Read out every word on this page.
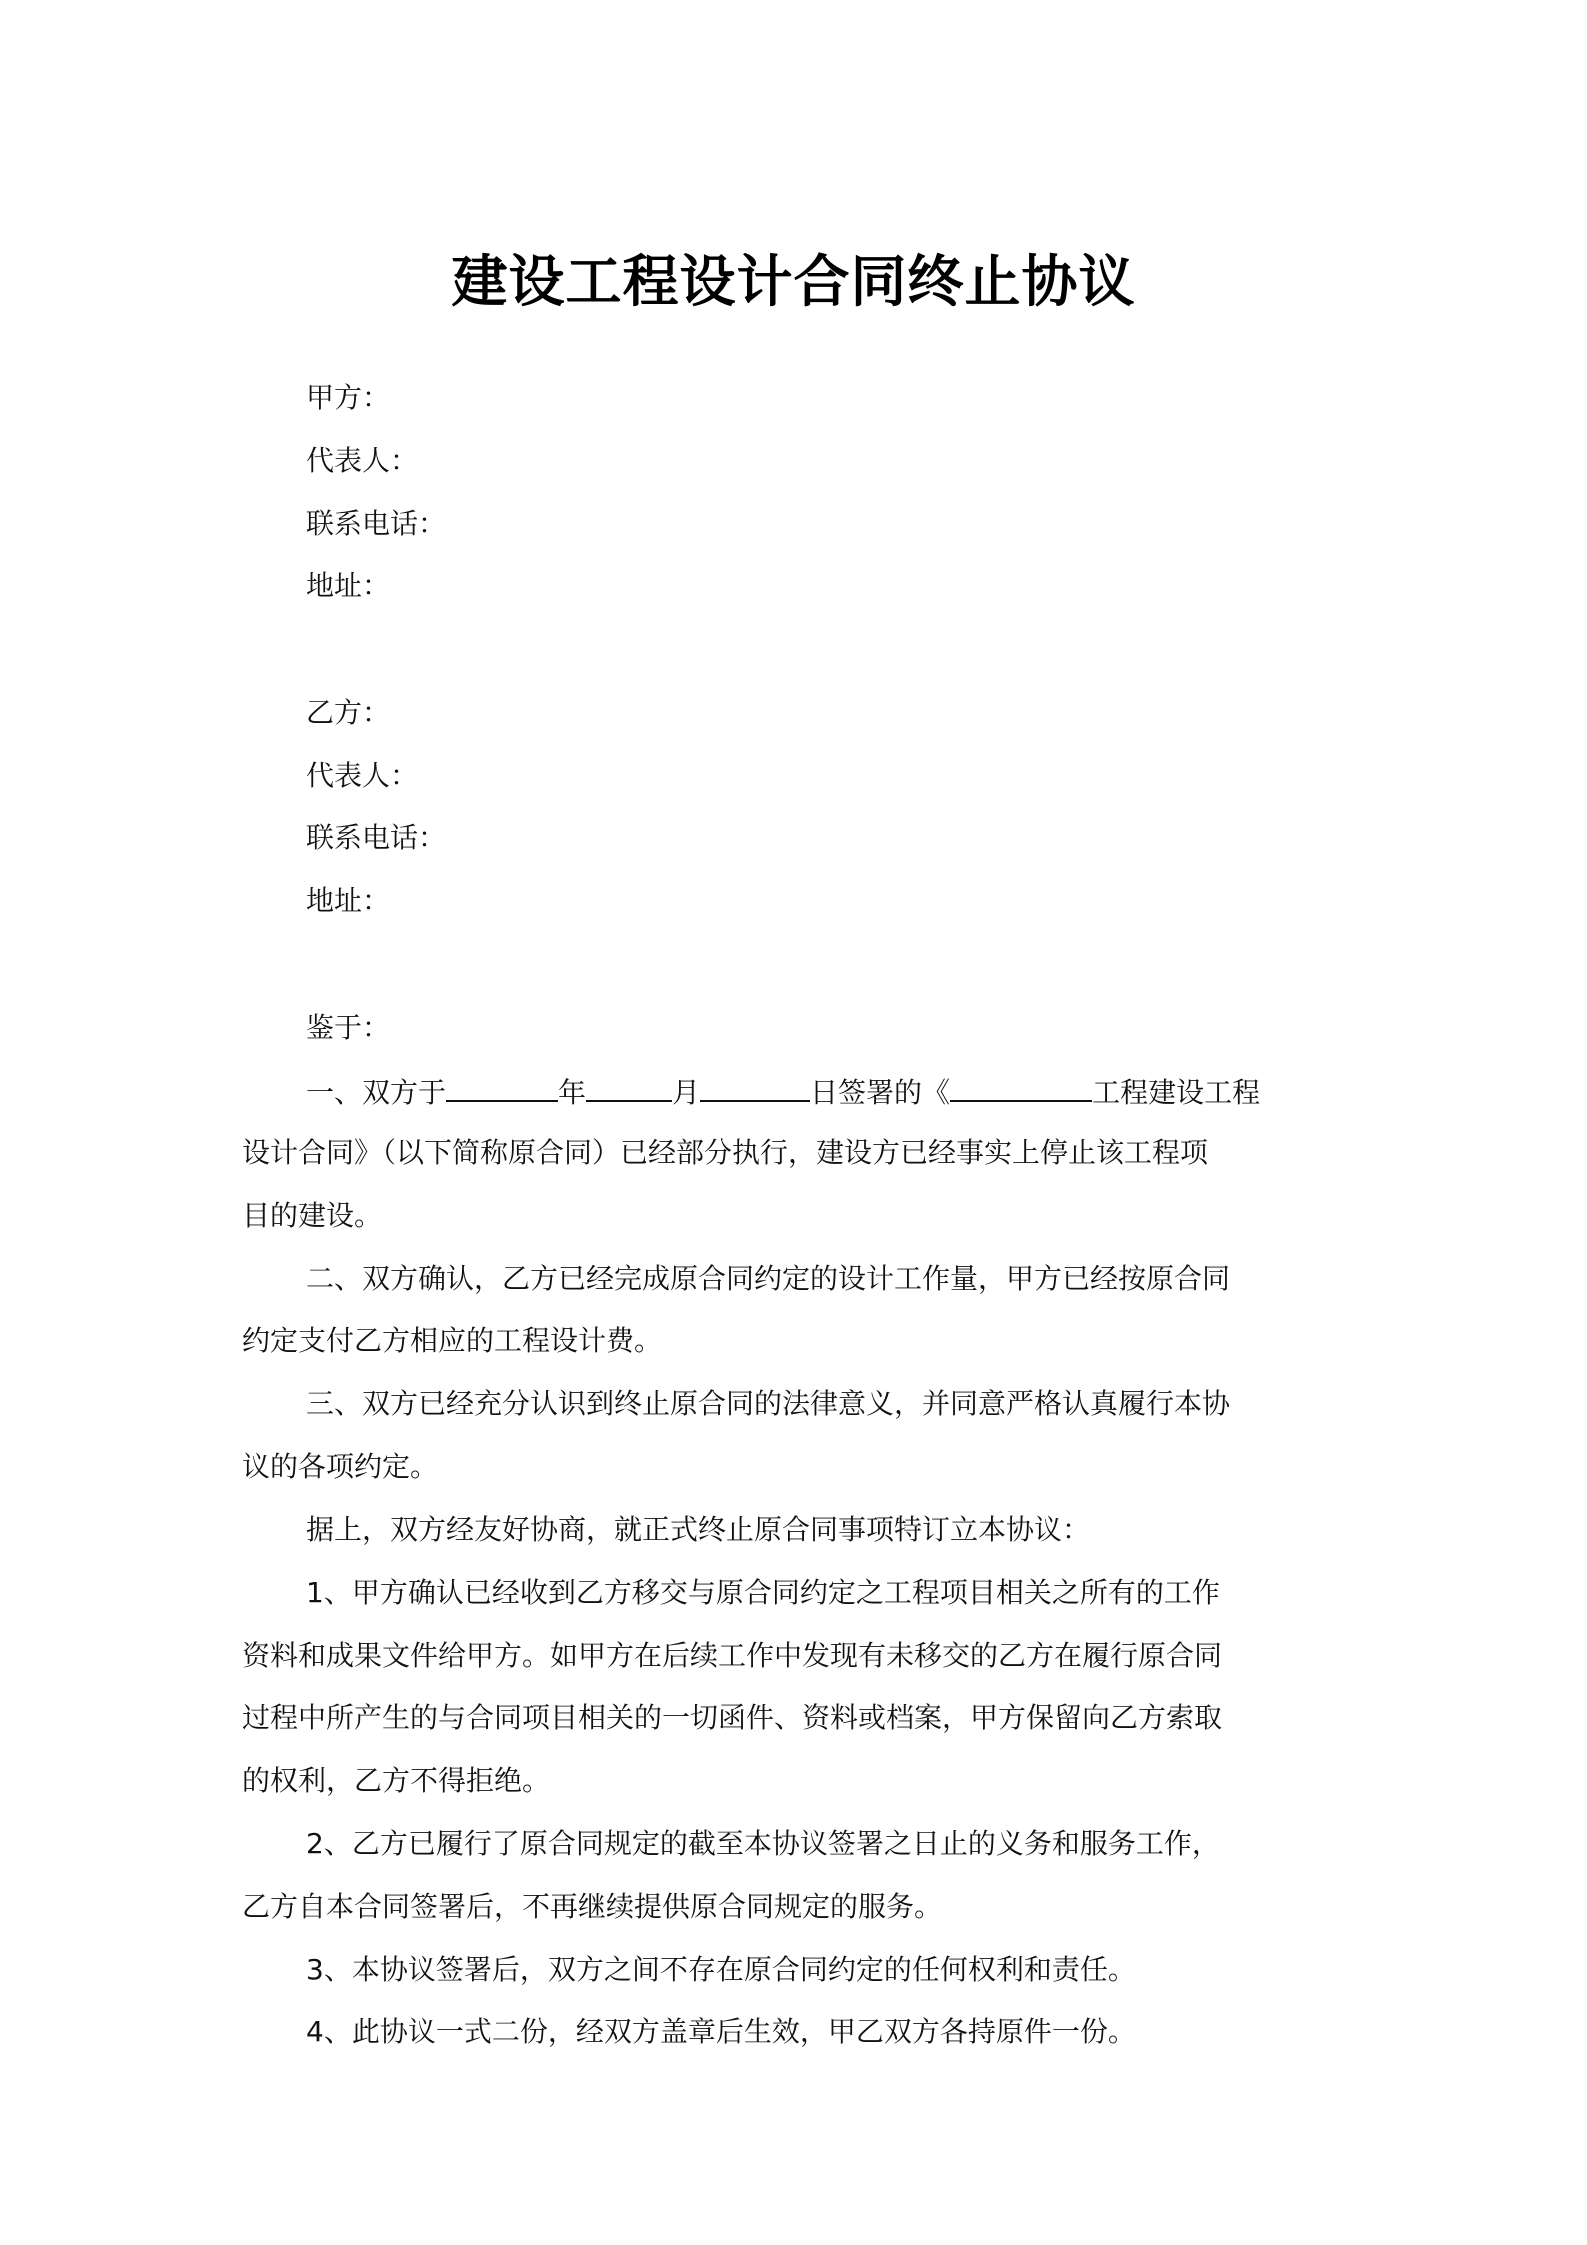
建设工程设计合同终止协议
甲方：
代表人：
联系电话：
地址：
乙方：
代表人：
联系电话：
地址：
鉴于：
一、双方于	年	月	日签署的《	工程建设工程
设计合同》（以下简称原合同）已经部分执行，建设方已经事实上停止该工程项
目的建设。
二、双方确认，乙方已经完成原合同约定的设计工作量，甲方已经按原合同
约定支付乙方相应的工程设计费。
三、双方已经充分认识到终止原合同的法律意义，并同意严格认真履行本协
议的各项约定。
据上，双方经友好协商，就正式终止原合同事项特订立本协议：
1、甲方确认已经收到乙方移交与原合同约定之工程项目相关之所有的工作
资料和成果文件给甲方。如甲方在后续工作中发现有未移交的乙方在履行原合同
过程中所产生的与合同项目相关的一切函件、资料或档案，甲方保留向乙方索取
的权利，乙方不得拒绝。
2、乙方已履行了原合同规定的截至本协议签署之日止的义务和服务工作，
乙方自本合同签署后，不再继续提供原合同规定的服务。
3、本协议签署后，双方之间不存在原合同约定的任何权利和责任。
4、此协议一式二份，经双方盖章后生效，甲乙双方各持原件一份。
